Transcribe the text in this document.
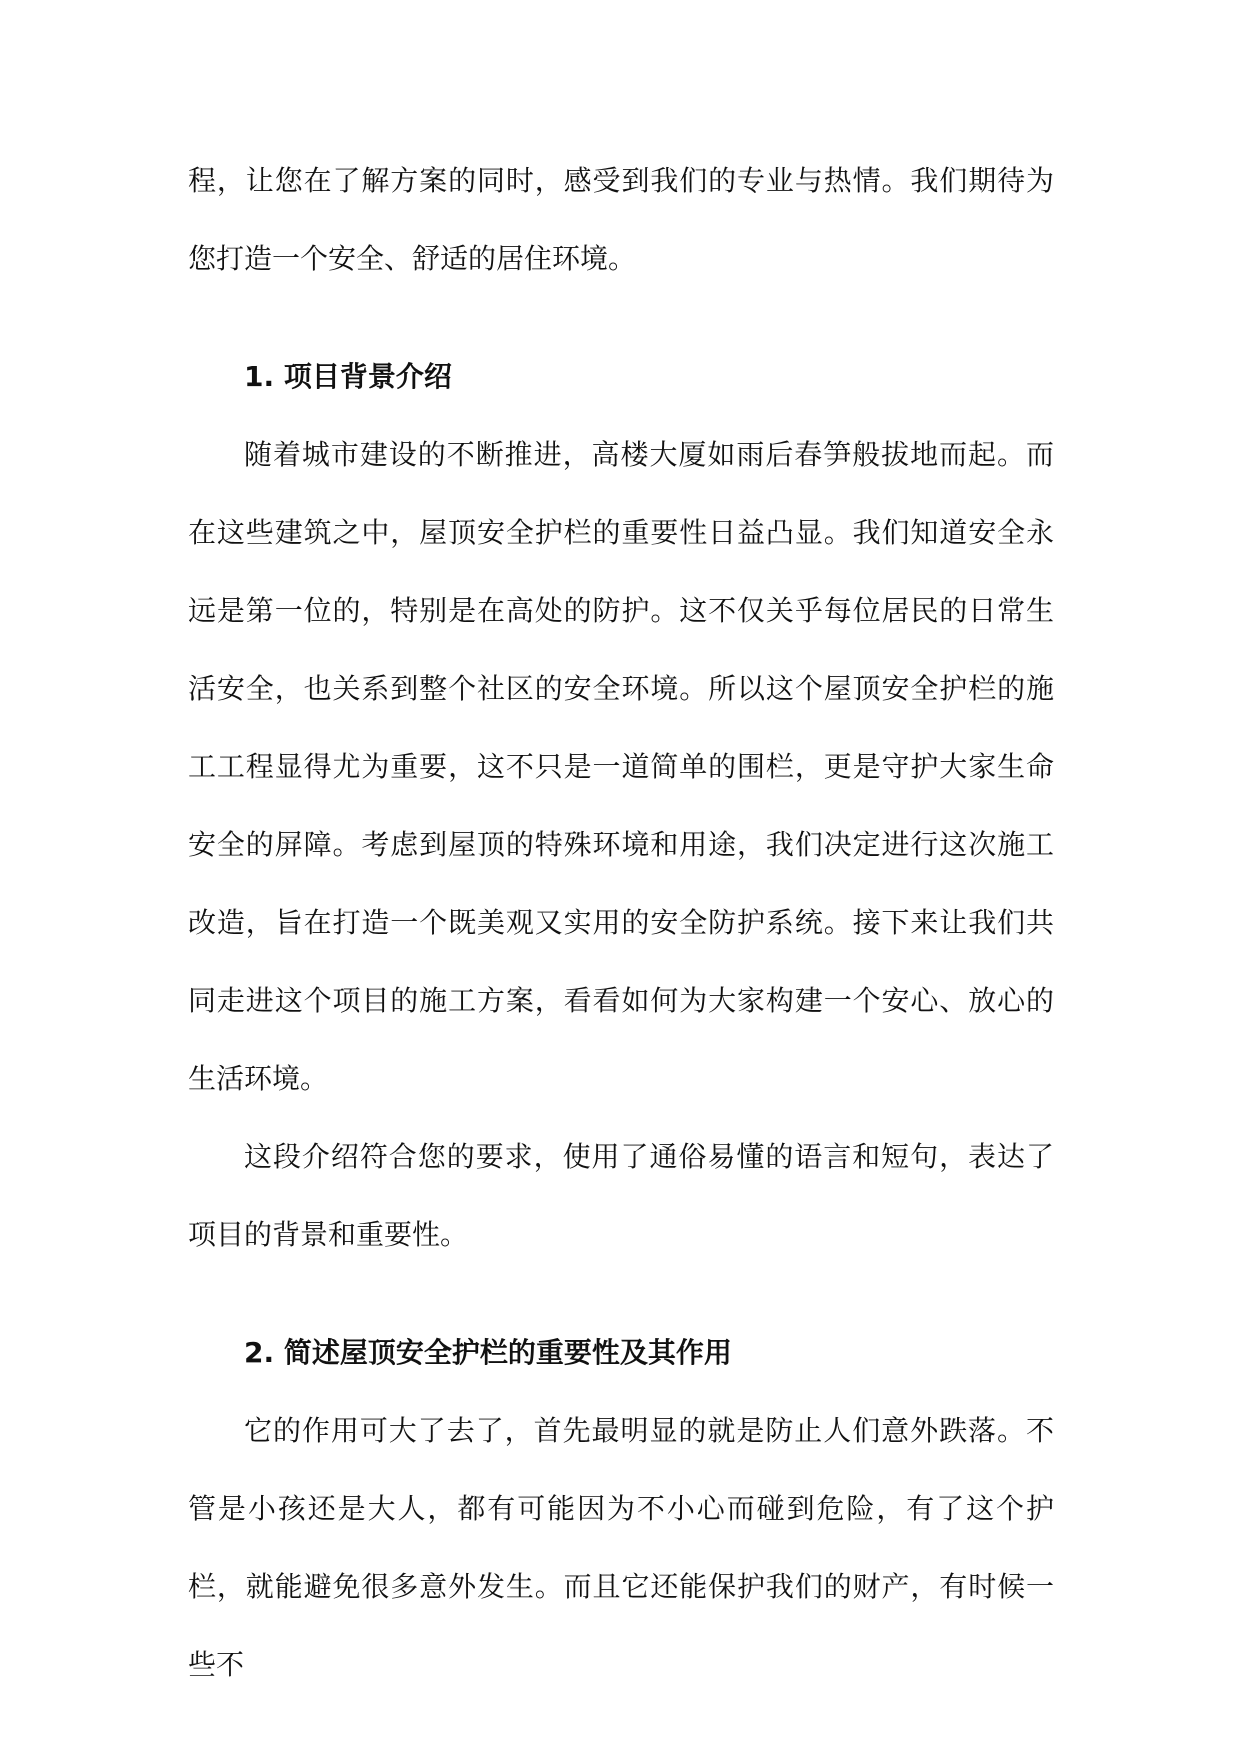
程，让您在了解方案的同时，感受到我们的专业与热情。我们期待为您打造一个安全、舒适的居住环境。

1. 项目背景介绍

随着城市建设的不断推进，高楼大厦如雨后春笋般拔地而起。而在这些建筑之中，屋顶安全护栏的重要性日益凸显。我们知道安全永远是第一位的，特别是在高处的防护。这不仅关乎每位居民的日常生活安全，也关系到整个社区的安全环境。所以这个屋顶安全护栏的施工工程显得尤为重要，这不只是一道简单的围栏，更是守护大家生命安全的屏障。考虑到屋顶的特殊环境和用途，我们决定进行这次施工改造，旨在打造一个既美观又实用的安全防护系统。接下来让我们共同走进这个项目的施工方案，看看如何为大家构建一个安心、放心的生活环境。

这段介绍符合您的要求，使用了通俗易懂的语言和短句，表达了项目的背景和重要性。

2. 简述屋顶安全护栏的重要性及其作用

它的作用可大了去了，首先最明显的就是防止人们意外跌落。不管是小孩还是大人，都有可能因为不小心而碰到危险，有了这个护栏，就能避免很多意外发生。而且它还能保护我们的财产，有时候一些不
